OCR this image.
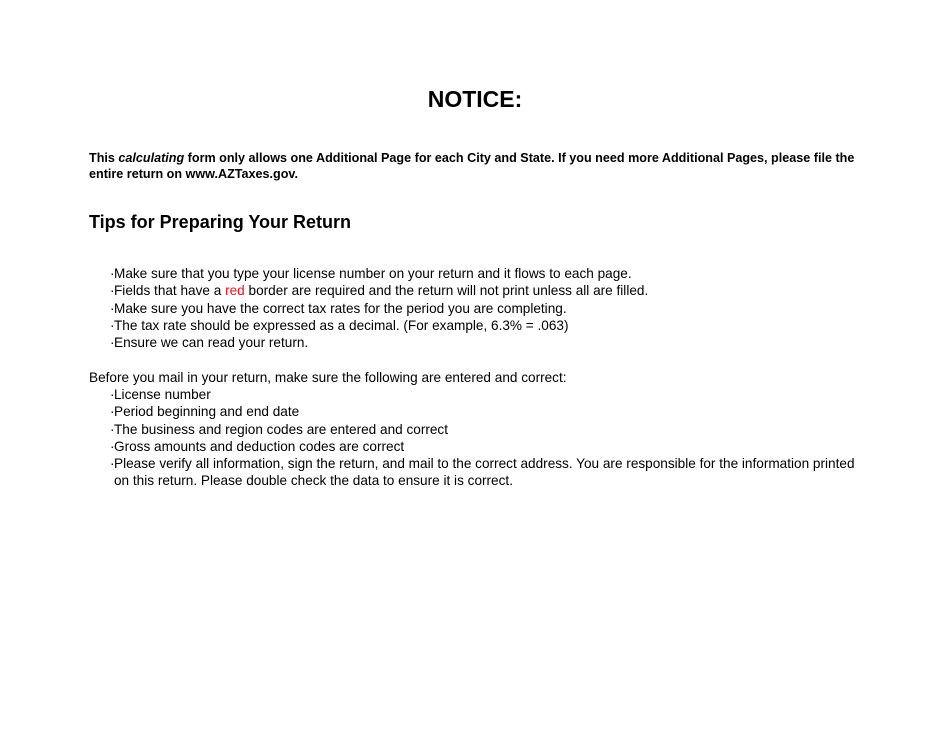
NOTICE:
This calculating form only allows one Additional Page for each City and State. If you need more Additional Pages, please file the entire return on www.AZTaxes.gov.
Tips for Preparing Your Return
· Make sure that you type your license number on your return and it flows to each page.
· Fields that have a red border are required and the return will not print unless all are filled.
· Make sure you have the correct tax rates for the period you are completing.
· The tax rate should be expressed as a decimal. (For example, 6.3% = .063)
· Ensure we can read your return.
Before you mail in your return, make sure the following are entered and correct:
· License number
· Period beginning and end date
· The business and region codes are entered and correct
· Gross amounts and deduction codes are correct
· Please verify all information, sign the return, and mail to the correct address. You are responsible for the information printed on this return. Please double check the data to ensure it is correct.
